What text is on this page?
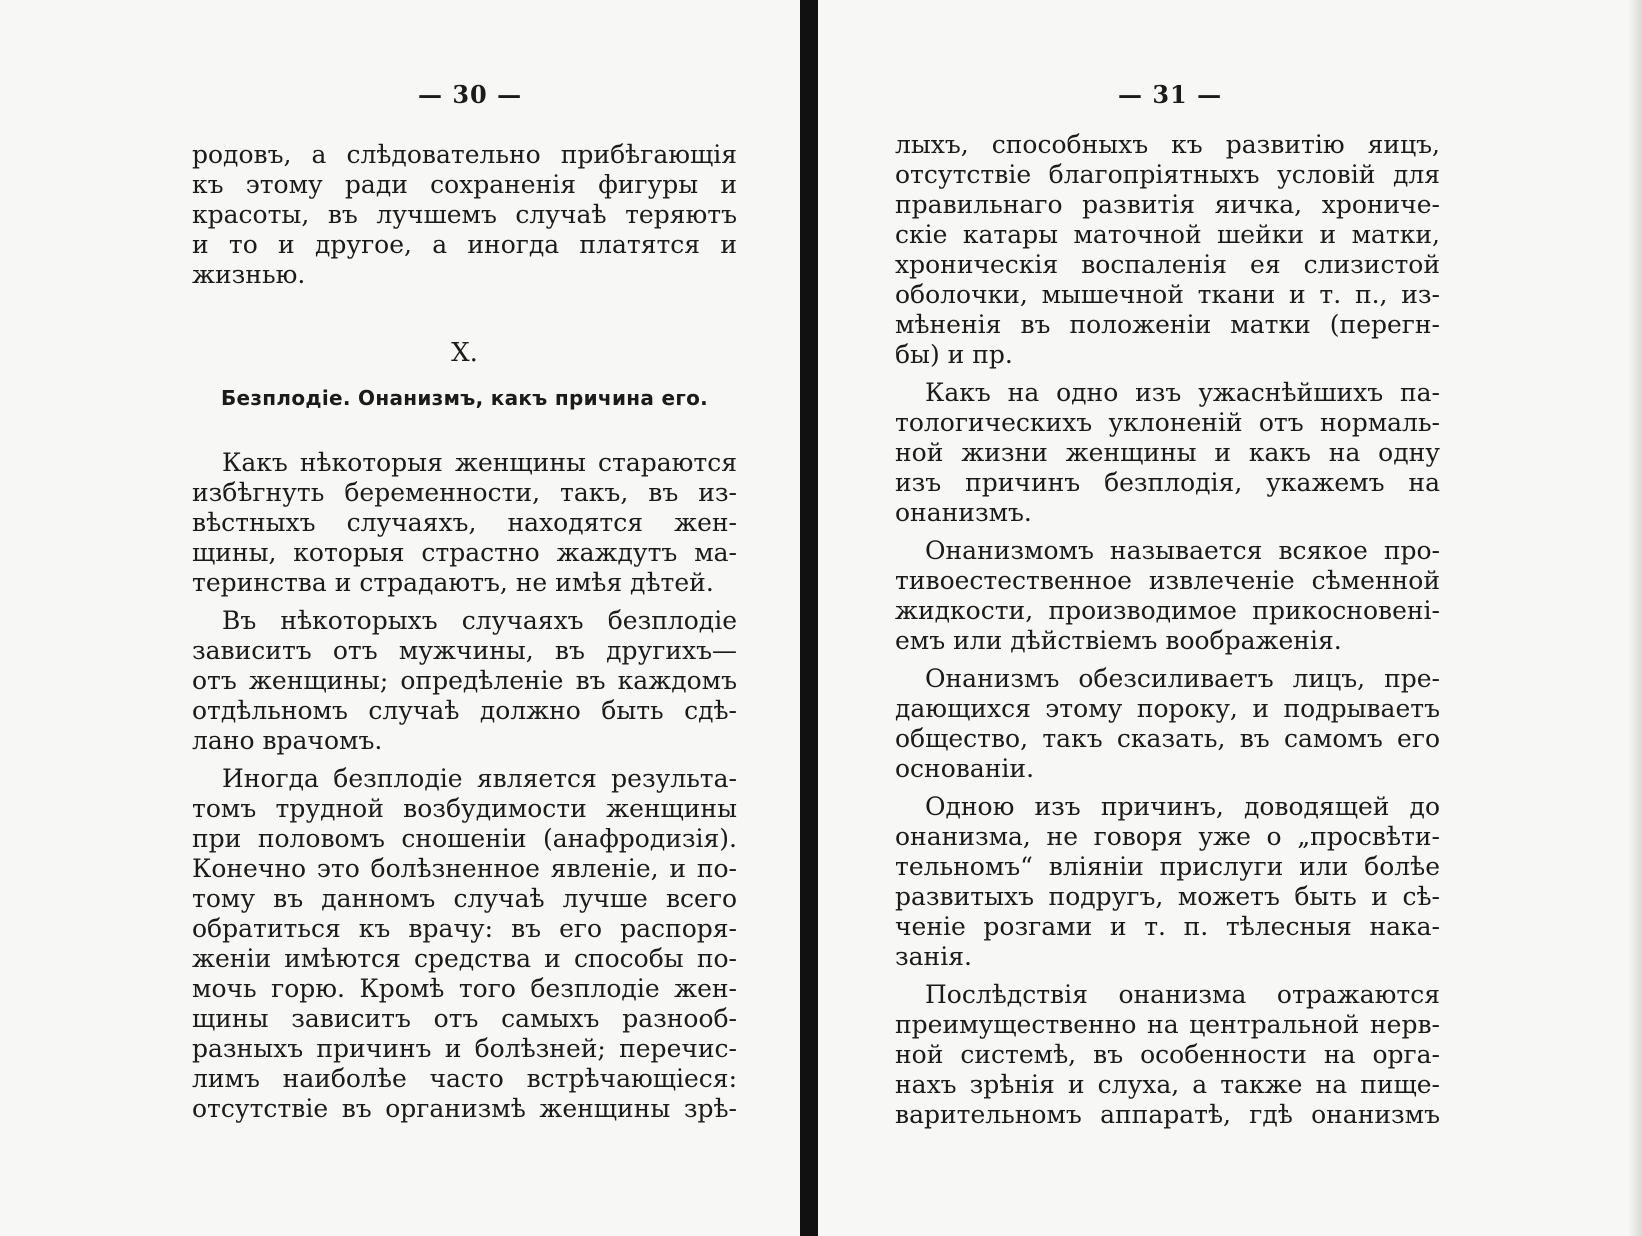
— 30 —
родовъ, а слѣдовательно прибѣгающія
къ этому ради сохраненія фигуры и
красоты, въ лучшемъ случаѣ теряютъ
и то и другое, а иногда платятся и
жизнью.
X.
Безплодіе. Онанизмъ, какъ причина его.
Какъ нѣкоторыя женщины стараются
избѣгнуть беременности, такъ, въ из-
вѣстныхъ случаяхъ, находятся жен-
щины, которыя страстно жаждутъ ма-
теринства и страдаютъ, не имѣя дѣтей.
Въ нѣкоторыхъ случаяхъ безплодіе
зависитъ отъ мужчины, въ другихъ—
отъ женщины; опредѣленіе въ каждомъ
отдѣльномъ случаѣ должно быть сдѣ-
лано врачомъ.
Иногда безплодіе является результа-
томъ трудной возбудимости женщины
при половомъ сношеніи (анафродизія).
Конечно это болѣзненное явленіе, и по-
тому въ данномъ случаѣ лучше всего
обратиться къ врачу: въ его распоря-
женіи имѣются средства и способы по-
мочь горю. Кромѣ того безплодіе жен-
щины зависитъ отъ самыхъ разнооб-
разныхъ причинъ и болѣзней; перечис-
лимъ наиболѣе часто встрѣчающіеся:
отсутствіе въ организмѣ женщины зрѣ-
— 31 —
лыхъ, способныхъ къ развитію яицъ,
отсутствіе благопріятныхъ условій для
правильнаго развитія яичка, хрониче-
скіе катары маточной шейки и матки,
хроническія воспаленія ея слизистой
оболочки, мышечной ткани и т. п., из-
мѣненія въ положеніи матки (перегн-
бы) и пр.
Какъ на одно изъ ужаснѣйшихъ па-
тологическихъ уклоненій отъ нормаль-
ной жизни женщины и какъ на одну
изъ причинъ безплодія, укажемъ на
онанизмъ.
Онанизмомъ называется всякое про-
тивоестественное извлеченіе сѣменной
жидкости, производимое прикосновені-
емъ или дѣйствіемъ воображенія.
Онанизмъ обезсиливаетъ лицъ, пре-
дающихся этому пороку, и подрываетъ
общество, такъ сказать, въ самомъ его
основаніи.
Одною изъ причинъ, доводящей до
онанизма, не говоря уже о „просвѣти-
тельномъ“ вліяніи прислуги или болѣе
развитыхъ подругъ, можетъ быть и сѣ-
ченіе розгами и т. п. тѣлесныя нака-
занія.
Послѣдствія онанизма отражаются
преимущественно на центральной нерв-
ной системѣ, въ особенности на орга-
нахъ зрѣнія и слуха, а также на пище-
варительномъ аппаратѣ, гдѣ онанизмъ
